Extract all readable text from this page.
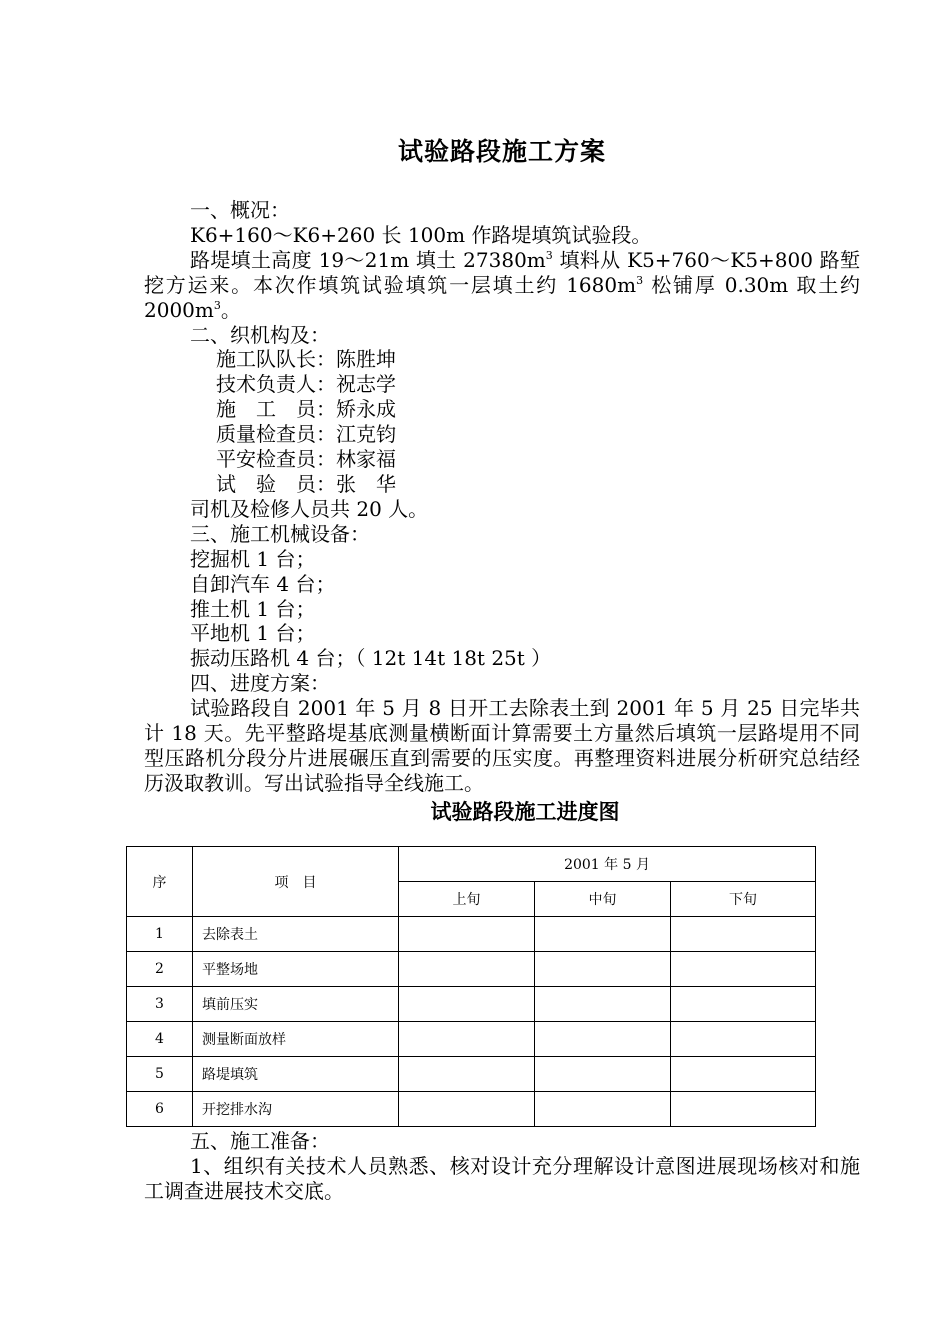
试验路段施工方案

一、概况：

K6+160～K6+260 长 100m 作路堤填筑试验段。

路堤填土高度 19～21m 填土 $27380m^3$ 填料从 K5+760～K5+800 路堑挖方运来。本次作填筑试验填筑一层填土约 $1680m^3$ 松铺厚 0.30m 取土约 $2000m^3$。

二、织机构及：

施工队队长：陈胜坤

技术负责人：祝志学

施　工　员：矫永成

质量检查员：江克钧

平安检查员：林家福

试　验　员：张　华

司机及检修人员共 20 人。

三、施工机械设备：

挖掘机 1 台；

自卸汽车 4 台；

推土机 1 台；

平地机 1 台；

振动压路机 4 台；（ 12t 14t 18t 25t ）

四、进度方案：

试验路段自 2001 年 5 月 8 日开工去除表土到 2001 年 5 月 25 日完毕共计 18 天。先平整路堤基底测量横断面计算需要土方量然后填筑一层路堤用不同型压路机分段分片进展碾压直到需要的压实度。再整理资料进展分析研究总结经历汲取教训。写出试验指导全线施工。

试验路段施工进度图
序	项　目	2001 年 5 月		
		上旬	中旬	下旬
1	去除表土			
2	平整场地			
3	填前压实			
4	测量断面放样			
5	路堤填筑			
6	开挖排水沟			

五、施工准备：

1、组织有关技术人员熟悉、核对设计充分理解设计意图进展现场核对和施工调查进展技术交底。
